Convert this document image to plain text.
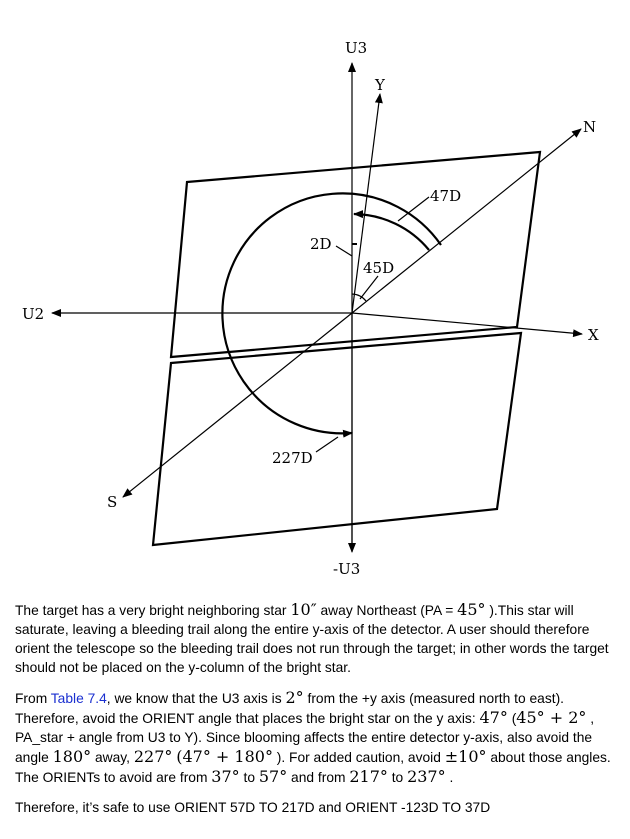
U3
Y
N
U2
X
S
-U3
47D
2D
45D
227D

The target has a very bright neighboring star 10″ away Northeast (PA = 45° ).This star will saturate, leaving a bleeding trail along the entire y-axis of the detector. A user should therefore orient the telescope so the bleeding trail does not run through the target; in other words the target should not be placed on the y-column of the bright star.

From Table 7.4, we know that the U3 axis is 2° from the +y axis (measured north to east). Therefore, avoid the ORIENT angle that places the bright star on the y axis: 47° (45° + 2° , PA_star + angle from U3 to Y). Since blooming affects the entire detector y-axis, also avoid the angle 180° away, 227° (47° + 180° ). For added caution, avoid ±10° about those angles. The ORIENTs to avoid are from 37° to 57° and from 217° to 237° .

Therefore, it’s safe to use ORIENT 57D TO 217D and ORIENT -123D TO 37D
